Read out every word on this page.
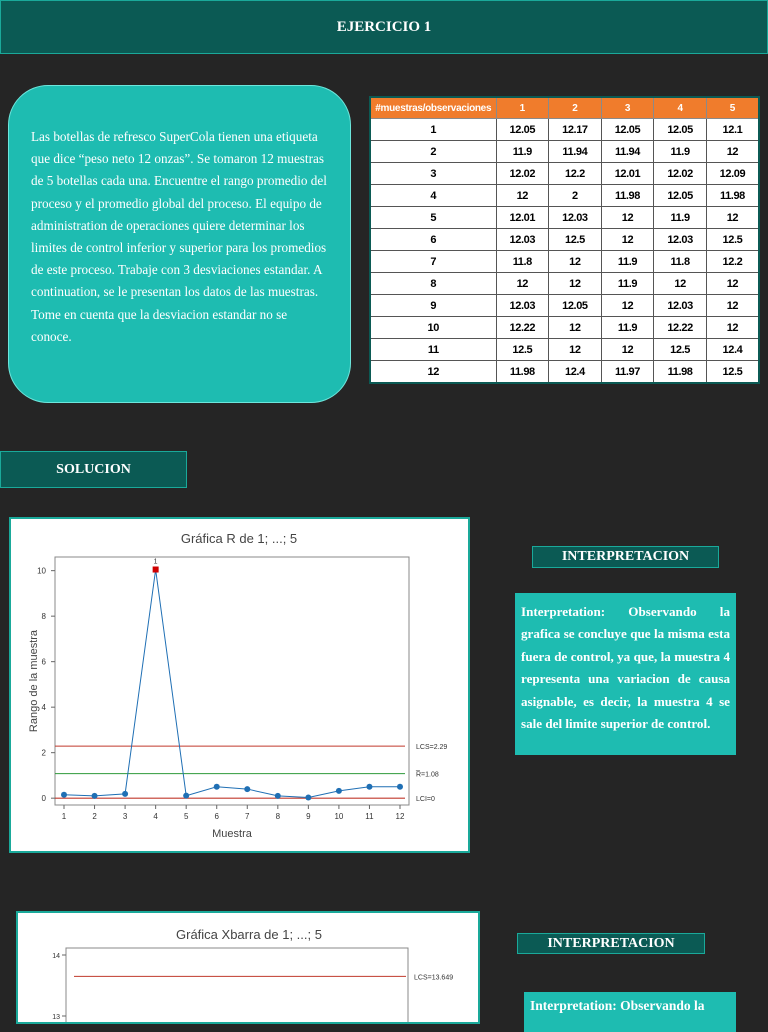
EJERCICIO 1
Las botellas de refresco SuperCola tienen una etiqueta que dice “peso neto 12 onzas”. Se tomaron 12 muestras de 5 botellas cada una. Encuentre el rango promedio del proceso y el promedio global del proceso. El equipo de administration de operaciones quiere determinar los limites de control inferior y superior para los promedios de este proceso. Trabaje con 3 desviaciones estandar. A continuation, se le presentan los datos de las muestras. Tome en cuenta que la desviacion estandar no se conoce.
#muestras/observaciones	1	2	3	4	5
1	12.05	12.17	12.05	12.05	12.1
2	11.9	11.94	11.94	11.9	12
3	12.02	12.2	12.01	12.02	12.09
4	12	2	11.98	12.05	11.98
5	12.01	12.03	12	11.9	12
6	12.03	12.5	12	12.03	12.5
7	11.8	12	11.9	11.8	12.2
8	12	12	11.9	12	12
9	12.03	12.05	12	12.03	12
10	12.22	12	11.9	12.22	12
11	12.5	12	12	12.5	12.4
12	11.98	12.4	11.97	11.98	12.5
SOLUCION
Gráfica R de 1; ...; 5
0
2
4
6
8
10
1	2	3	4	5	6	7	8	9	10	11	12
Muestra
Rango de la muestra
LCS=2.29
_
R=1.08
LCI=0
1	INTERPRETACION
Interpretation: Observando la grafica se concluye que la misma esta fuera de control, ya que, la muestra 4 representa una variacion de causa asignable, es decir, la muestra 4 se sale del limite superior de control.
Gráfica Xbarra de 1; ...; 5
14
13
LCS=13.649
INTERPRETACION
Interpretation: Observando la
